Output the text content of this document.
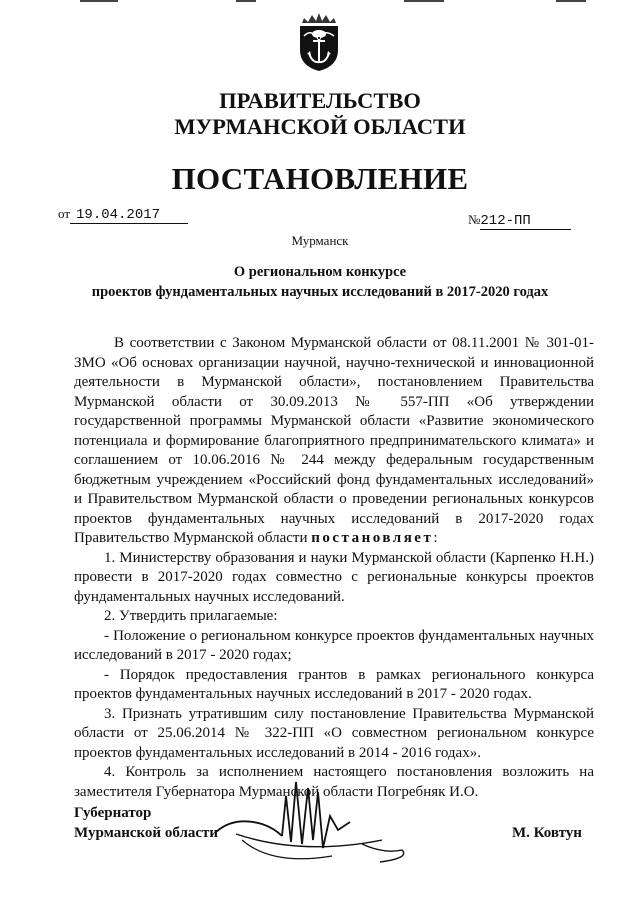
ПРАВИТЕЛЬСТВО
МУРМАНСКОЙ ОБЛАСТИ
ПОСТАНОВЛЕНИЕ
от 19.04.2017	№212-ПП
Мурманск
О региональном конкурсе
проектов фундаментальных научных исследований в 2017-2020 годах

В соответствии с Законом Мурманской области от 08.11.2001 № 301-01-ЗМО «Об основах организации научной, научно-технической и инновационной деятельности в Мурманской области», постановлением Правительства Мурманской области от 30.09.2013 № 557-ПП «Об утверждении государственной программы Мурманской области «Развитие экономического потенциала и формирование благоприятного предпринимательского климата» и соглашением от 10.06.2016 № 244 между федеральным государственным бюджетным учреждением «Российский фонд фундаментальных исследований» и Правительством Мурманской области о проведении региональных конкурсов проектов фундаментальных научных исследований в 2017-2020 годах Правительство Мурманской области постановляет:

1. Министерству образования и науки Мурманской области (Карпенко Н.Н.) провести в 2017-2020 годах совместно с региональные конкурсы проектов фундаментальных научных исследований.

2. Утвердить прилагаемые:

- Положение о региональном конкурсе проектов фундаментальных научных исследований в 2017 - 2020 годах;

- Порядок предоставления грантов в рамках регионального конкурса проектов фундаментальных научных исследований в 2017 - 2020 годах.

3. Признать утратившим силу постановление Правительства Мурманской области от 25.06.2014 № 322-ПП «О совместном региональном конкурсе проектов фундаментальных исследований в 2014 - 2016 годах».

4. Контроль за исполнением настоящего постановления возложить на заместителя Губернатора Мурманской области Погребняк И.О.

Губернатор
Мурманской области	М. Ковтун
